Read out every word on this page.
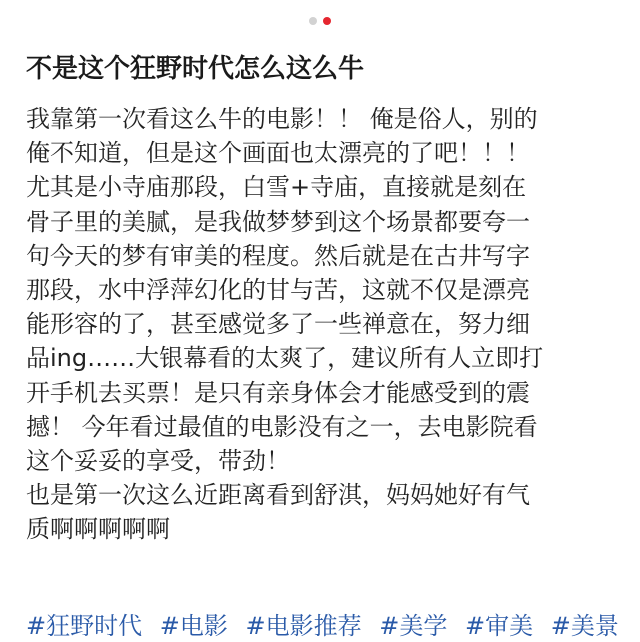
不是这个狂野时代怎么这么牛
我靠第一次看这么牛的电影！！ 俺是俗人，别的
俺不知道，但是这个画面也太漂亮的了吧！！！
尤其是小寺庙那段，白雪+寺庙，直接就是刻在
骨子里的美腻，是我做梦梦到这个场景都要夸一
句今天的梦有审美的程度。然后就是在古井写字
那段，水中浮萍幻化的甘与苦，这就不仅是漂亮
能形容的了，甚至感觉多了一些禅意在，努力细
品ing……大银幕看的太爽了，建议所有人立即打
开手机去买票！是只有亲身体会才能感受到的震
撼！ 今年看过最值的电影没有之一，去电影院看
这个妥妥的享受，带劲！
也是第一次这么近距离看到舒淇，妈妈她好有气
质啊啊啊啊啊
#狂野时代 #电影 #电影推荐 #美学 #审美 #美景
